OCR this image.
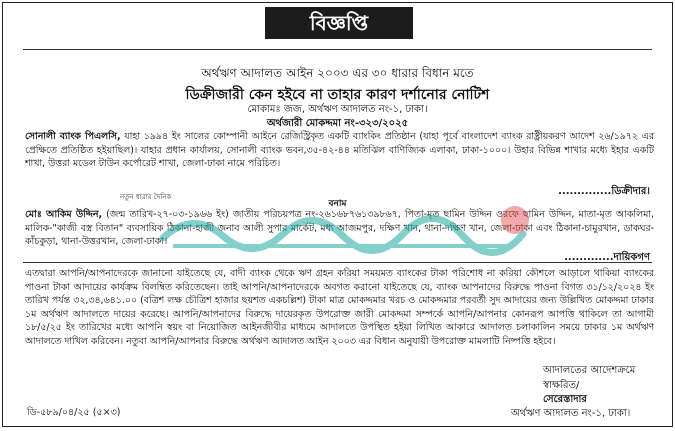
বিজ্ঞপ্তি
অর্থঋণ আদালত আইন ২০০৩ এর ৩০ ধারার বিধান মতে
ডিক্রীজারী কেন হইবে না তাহার কারণ দর্শানোর নোটিশ
মোকামঃ জজ, অর্থঋণ আদালত নং-১, ঢাকা।
অর্থজারী মোকদ্দমা নং-৩২৩/২০২৫
সোনালী ব্যাংক পিএলসি, যাহা ১৯৯৪ ইং সালের কোম্পানী আইনে রেজিস্ট্রিকৃত একটি ব্যাংকিং প্রতিষ্ঠান (যাহা পূর্বে বাংলাদেশ ব্যাংক রাষ্ট্রীয়করণ আদেশ ২৬/১৯৭২ এর প্রেক্ষিতে প্রতিষ্ঠিত হইয়াছিল)। যাহার প্রধান কার্যালয়, সোনালী ব্যাংক ভবন,৩৫-৪২-৪৪ মতিঝিল বাণিজ্যিক এলাকা, ঢাকা-১০০০। উহার বিভিন্ন শাখার মধ্যে ইহার একটি শাখা, উত্তরা মডেল টাউন কর্পোরেট শাখা, জেলা-ঢাকা নামে পরিচিত।
..............ডিক্রীদার।
নতুন ধারার দৈনিক
বনাম
মোঃ আকিম উদ্দিন, (জন্ম তারিখ-২৭-০৩-১৯৬৬ ইং) জাতীয় পরিচয়পত্র নং-২৬১৬৮৭৬১৩৯৮৬৭, পিতা-মৃত ছামিন উদ্দিন ওরফে ছামিন উদ্দিন, মাতা-মৃত আকলিমা, মালিক-"কাজী বস্ত্র বিতান" ব্যবসায়িক ঠিকানা-হাজী জনাব আলী সুপার মার্কেট, মধ্য আজমপুর, দক্ষিণ খান, থানা-দক্ষিণ খান, জেলা-ঢাকা এবং ঠিকানা-চামুরখান, ডাকঘর-কাঁচকুড়া, থানা-উত্তরখান, জেলা-ঢাকা।
.............দায়িকগণ
এতদ্বারা আপনি/আপনাদেরকে জানানো যাইতেছে যে, বাদী ব্যাংক থেকে ঋণ গ্রহন করিয়া সময়মত ব্যাংকের টাকা পরিশোধ না করিয়া কৌশলে আড়ালে থাকিয়া ব্যাংকের পাওনা টাকা আদায়ের কার্যক্রম বিলম্বিত করিতেছেন। তাই আপনি/আপনাদেরকে অবগত করানো যাইতেছে যে, ব্যাংক আপনাদের বিরুদ্ধে পাওনা বিগত ৩১/১২/২০২৪ ইং তারিখ পর্যন্ত ৩২,৩৪,৬৪১.০০ (বত্রিশ লক্ষ চৌত্রিশ হাজার ছয়শত একচল্লিশ) টাকা মাত্র মোকদ্দমার খরচ ও মোকদ্দমার পরবর্তী সুদ আদায়ের জন্য উল্লিখিত মোকদ্দমা ঢাকার ১ম অর্থঋণ আদালতে দায়ের করেছে। আপনি/আপনাদের বিরুদ্ধে দায়েরকৃত উপরোক্ত জারী মোকদ্দমা সম্পর্কে আপনি/আপনার কোনরূপ আপত্তি থাকিলে তা আগামী ১৮/৫/২৫ ইং তারিখের মধ্যে আপনি স্বয়ং বা নিয়োজিত আইনজীবীর মাধ্যমে আদালতে উপস্থিত হইয়া লিখিত আকারে আদালত চলাকালিন সময়ে ঢাকার ১ম অর্থঋণ আদালতে দাখিল করিবেন। নতুবা আপনি/আপনার বিরুদ্ধে অর্থঋণ আদালত আইন ২০০৩ এর বিধান অনুযায়ী উপরোক্ত মামলাটি নিষ্পত্তি হইবে।
আদালতের আদেশক্রমে
স্বাক্ষরিত/
সেরেস্তাদার
অর্থঋণ আদালত নং-১, ঢাকা।
ডি-৫৮৯/০৪/২৫ (৫×৩)
